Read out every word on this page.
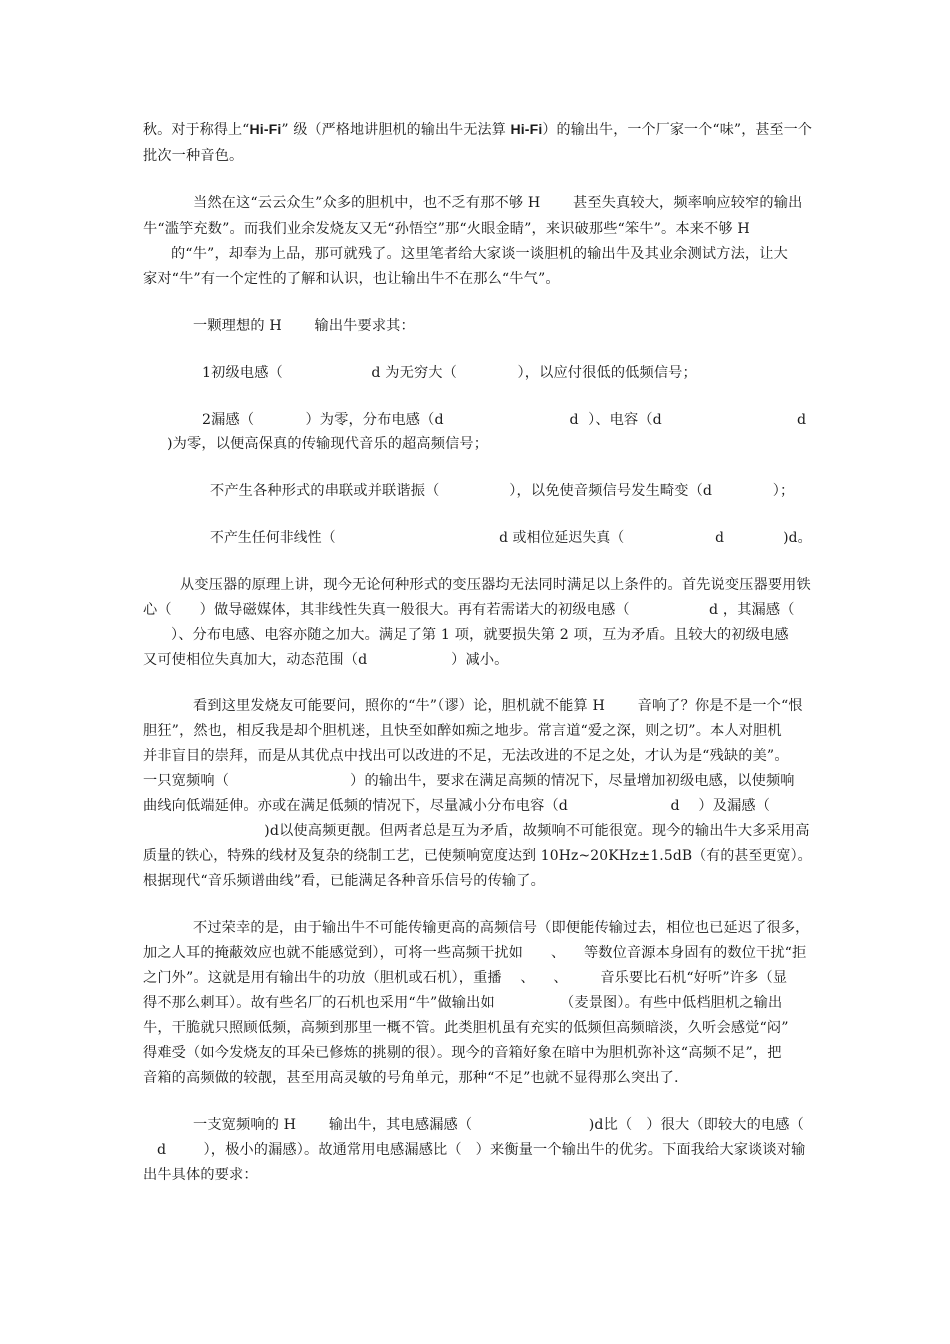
秋。对于称得上“Hi-Fi” 级（严格地讲胆机的输出牛无法算 Hi-Fi）的输出牛，一个厂家一个“味”，甚至一个
批次一种音色。
当然在这“云云众生”众多的胆机中，也不乏有那不够 H       甚至失真较大，频率响应较窄的输出
牛“滥竽充数”。而我们业余发烧友又无“孙悟空”那“火眼金睛”，来识破那些“笨牛”。本来不够 H
的“牛”，却奉为上品，那可就残了。这里笔者给大家谈一谈胆机的输出牛及其业余测试方法，让大
家对“牛”有一个定性的了解和认识，也让输出牛不在那么“牛气”。
一颗理想的 H       输出牛要求其：
1初级电感（                   d 为无穷大（             ），以应付很低的低频信号；
2漏感（           ）为零，分布电感（d                           d  ）、电容（d                             d
)为零，以便高保真的传输现代音乐的超高频信号；
不产生各种形式的串联或并联谐振（               ），以免使音频信号发生畸变（d             ）；
不产生任何非线性（                                    d 或相位延迟失真（                    d             )d。
从变压器的原理上讲，现今无论何种形式的变压器均无法同时满足以上条件的。首先说变压器要用铁
心（      ）做导磁媒体，其非线性失真一般很大。再有若需诺大的初级电感（                 d ，其漏感（
）、分布电感、电容亦随之加大。满足了第 1 项，就要损失第 2 项，互为矛盾。且较大的初级电感
又可使相位失真加大，动态范围（d                  ）减小。
看到这里发烧友可能要问，照你的“牛”（谬）论，胆机就不能算 H       音响了？你是不是一个“恨
胆狂”，然也，相反我是却个胆机迷，且快至如醉如痴之地步。常言道“爱之深，则之切”。本人对胆机
并非盲目的崇拜，而是从其优点中找出可以改进的不足，无法改进的不足之处，才认为是“残缺的美”。
一只宽频响（                          ）的输出牛，要求在满足高频的情况下，尽量增加初级电感，以使频响
曲线向低端延伸。亦或在满足低频的情况下，尽量减小分布电容（d                      d    ）及漏感（
)d以使高频更靓。但两者总是互为矛盾，故频响不可能很宽。现今的输出牛大多采用高
质量的铁心，特殊的线材及复杂的绕制工艺，已使频响宽度达到 10Hz~20KHz±1.5dB（有的甚至更宽）。
根据现代“音乐频谱曲线”看，已能满足各种音乐信号的传输了。
不过荣幸的是，由于输出牛不可能传输更高的高频信号（即便能传输过去，相位也已延迟了很多，
加之人耳的掩蔽效应也就不能感觉到），可将一些高频干扰如      、    等数位音源本身固有的数位干扰“拒
之门外”。这就是用有输出牛的功放（胆机或石机），重播    、    、       音乐要比石机“好听”许多（显
得不那么刺耳）。故有些名厂的石机也采用“牛”做输出如              （麦景图）。有些中低档胆机之输出
牛，干脆就只照顾低频，高频到那里一概不管。此类胆机虽有充实的低频但高频暗淡，久听会感觉“闷”
得难受（如今发烧友的耳朵已修炼的挑剔的很）。现今的音箱好象在暗中为胆机弥补这“高频不足”，把
音箱的高频做的较靓，甚至用高灵敏的号角单元，那种“不足”也就不显得那么突出了.
一支宽频响的 H       输出牛，其电感漏感（                         )d比（   ）很大（即较大的电感（
d        ），极小的漏感）。故通常用电感漏感比（   ）来衡量一个输出牛的优劣。下面我给大家谈谈对输
出牛具体的要求：
